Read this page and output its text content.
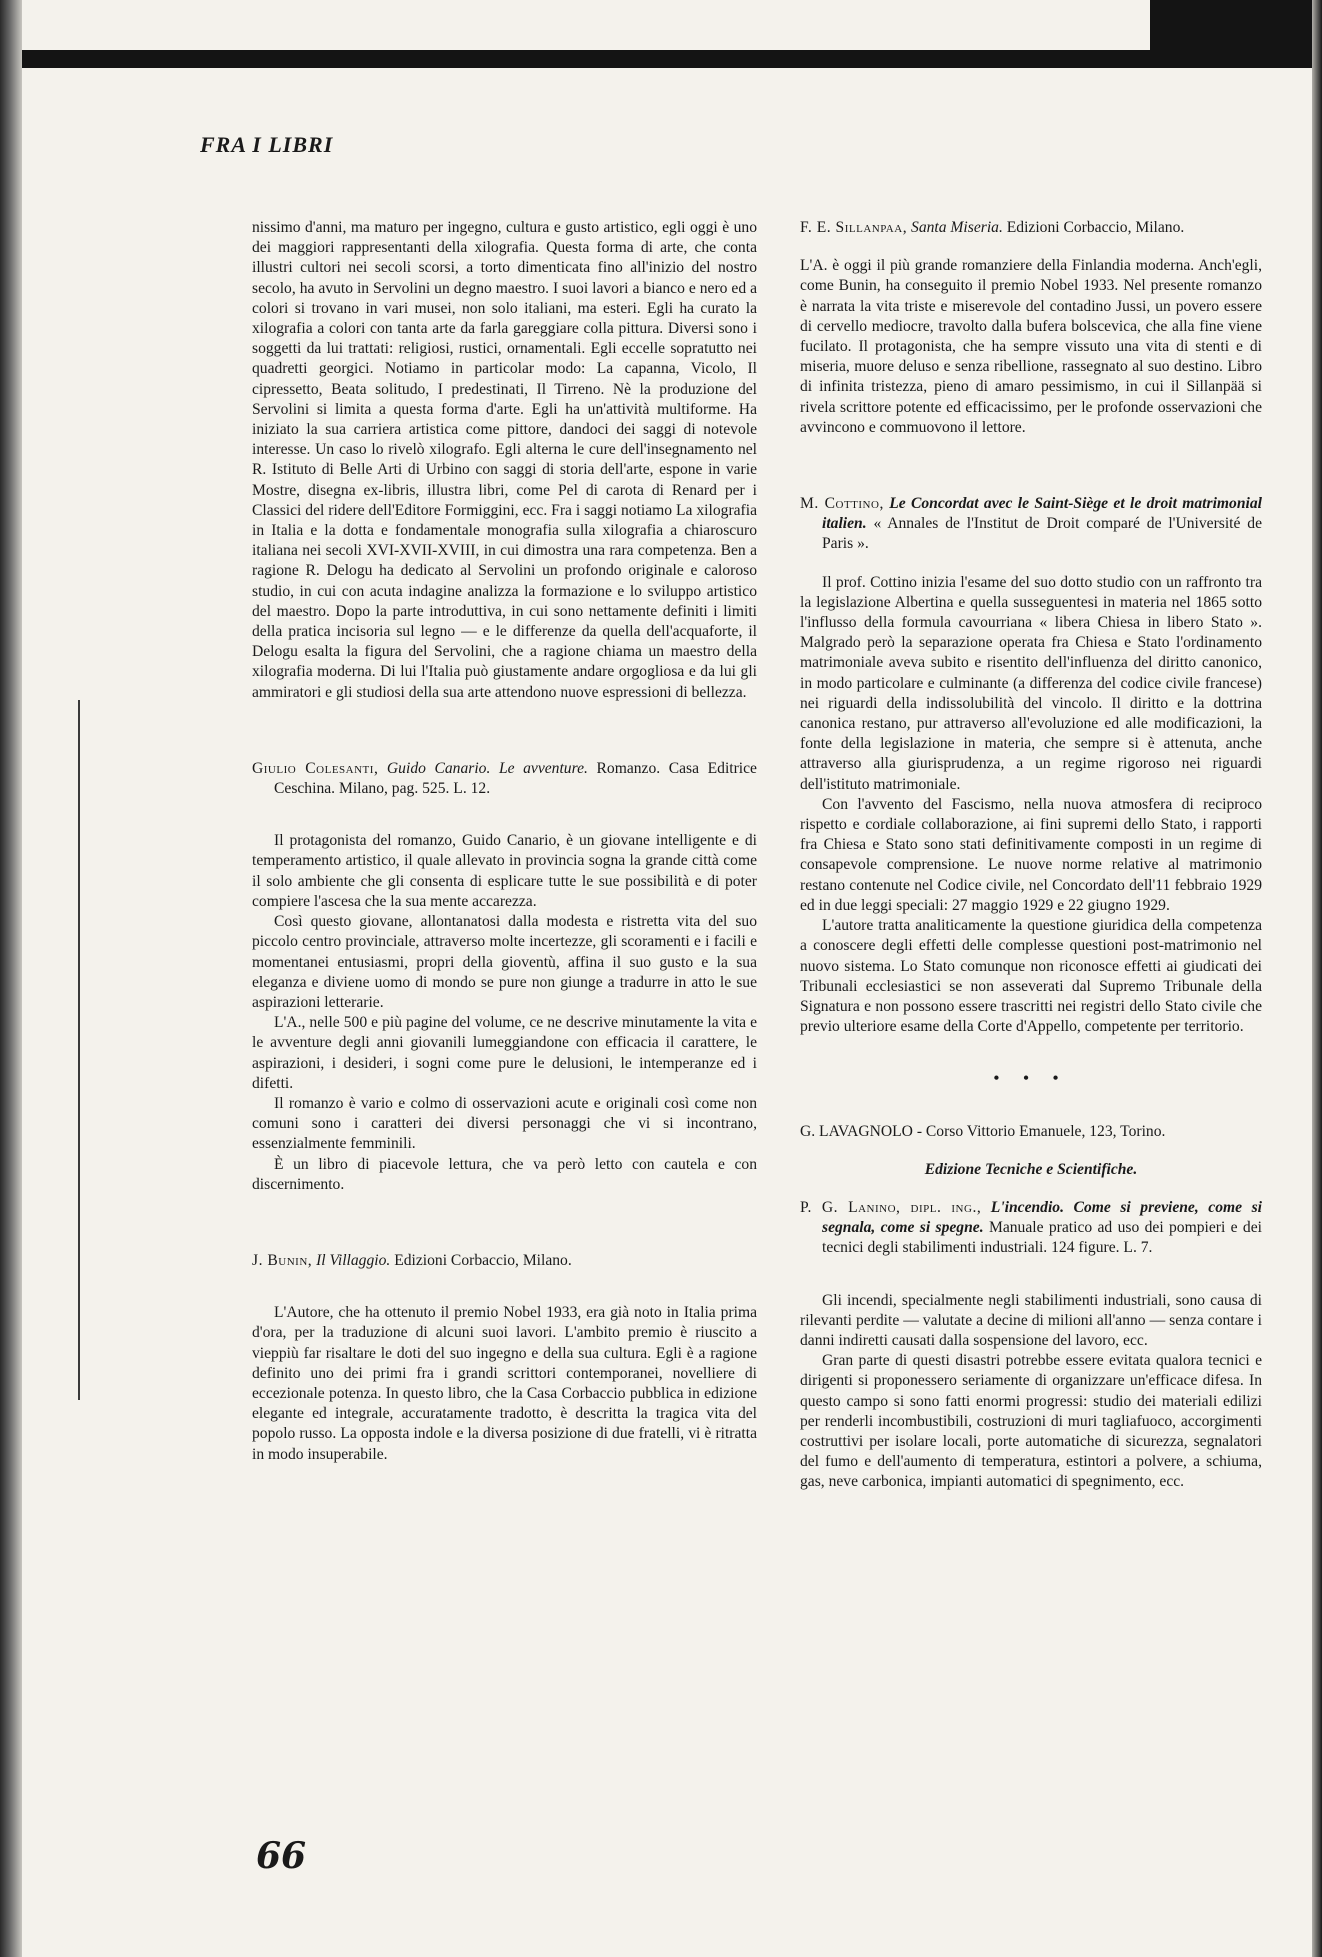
FRA I LIBRI

nissimo d'anni, ma maturo per ingegno, cultura e gusto artistico, egli oggi è uno dei maggiori rappresentanti della xilografia. Questa forma di arte, che conta illustri cultori nei secoli scorsi, a torto dimenticata fino all'inizio del nostro secolo, ha avuto in Servolini un degno maestro. I suoi lavori a bianco e nero ed a colori si trovano in vari musei, non solo italiani, ma esteri. Egli ha curato la xilografia a colori con tanta arte da farla gareggiare colla pittura. Diversi sono i soggetti da lui trattati: religiosi, rustici, ornamentali. Egli eccelle sopratutto nei quadretti georgici. Notiamo in particolar modo: La capanna, Vicolo, Il cipressetto, Beata solitudo, I predestinati, Il Tirreno. Nè la produzione del Servolini si limita a questa forma d'arte. Egli ha un'attività multiforme. Ha iniziato la sua carriera artistica come pittore, dandoci dei saggi di notevole interesse. Un caso lo rivelò xilografo. Egli alterna le cure dell'insegnamento nel R. Istituto di Belle Arti di Urbino con saggi di storia dell'arte, espone in varie Mostre, disegna ex-libris, illustra libri, come Pel di carota di Renard per i Classici del ridere dell'Editore Formiggini, ecc. Fra i saggi notiamo La xilografia in Italia e la dotta e fondamentale monografia sulla xilografia a chiaroscuro italiana nei secoli XVI-XVII-XVIII, in cui dimostra una rara competenza. Ben a ragione R. Delogu ha dedicato al Servolini un profondo originale e caloroso studio, in cui con acuta indagine analizza la formazione e lo sviluppo artistico del maestro. Dopo la parte introduttiva, in cui sono nettamente definiti i limiti della pratica incisoria sul legno — e le differenze da quella dell'acquaforte, il Delogu esalta la figura del Servolini, che a ragione chiama un maestro della xilografia moderna. Di lui l'Italia può giustamente andare orgogliosa e da lui gli ammiratori e gli studiosi della sua arte attendono nuove espressioni di bellezza.

Giulio Colesanti, Guido Canario. Le avventure. Romanzo. Casa Editrice Ceschina. Milano, pag. 525. L. 12.

Il protagonista del romanzo, Guido Canario, è un giovane intelligente e di temperamento artistico, il quale allevato in provincia sogna la grande città come il solo ambiente che gli consenta di esplicare tutte le sue possibilità e di poter compiere l'ascesa che la sua mente accarezza.

Così questo giovane, allontanatosi dalla modesta e ristretta vita del suo piccolo centro provinciale, attraverso molte incertezze, gli scoramenti e i facili e momentanei entusiasmi, propri della gioventù, affina il suo gusto e la sua eleganza e diviene uomo di mondo se pure non giunge a tradurre in atto le sue aspirazioni letterarie.

L'A., nelle 500 e più pagine del volume, ce ne descrive minutamente la vita e le avventure degli anni giovanili lumeggiandone con efficacia il carattere, le aspirazioni, i desideri, i sogni come pure le delusioni, le intemperanze ed i difetti.

Il romanzo è vario e colmo di osservazioni acute e originali così come non comuni sono i caratteri dei diversi personaggi che vi si incontrano, essenzialmente femminili.

È un libro di piacevole lettura, che va però letto con cautela e con discernimento.

J. Bunin, Il Villaggio. Edizioni Corbaccio, Milano.

L'Autore, che ha ottenuto il premio Nobel 1933, era già noto in Italia prima d'ora, per la traduzione di alcuni suoi lavori. L'ambito premio è riuscito a vieppiù far risaltare le doti del suo ingegno e della sua cultura. Egli è a ragione definito uno dei primi fra i grandi scrittori contemporanei, novelliere di eccezionale potenza. In questo libro, che la Casa Corbaccio pubblica in edizione elegante ed integrale, accuratamente tradotto, è descritta la tragica vita del popolo russo. La opposta indole e la diversa posizione di due fratelli, vi è ritratta in modo insuperabile.

F. E. Sillanpaa, Santa Miseria. Edizioni Corbaccio, Milano.

L'A. è oggi il più grande romanziere della Finlandia moderna. Anch'egli, come Bunin, ha conseguito il premio Nobel 1933. Nel presente romanzo è narrata la vita triste e miserevole del contadino Jussi, un povero essere di cervello mediocre, travolto dalla bufera bolscevica, che alla fine viene fucilato. Il protagonista, che ha sempre vissuto una vita di stenti e di miseria, muore deluso e senza ribellione, rassegnato al suo destino. Libro di infinita tristezza, pieno di amaro pessimismo, in cui il Sillanpää si rivela scrittore potente ed efficacissimo, per le profonde osservazioni che avvincono e commuovono il lettore.

M. Cottino, Le Concordat avec le Saint-Siège et le droit matrimonial italien. « Annales de l'Institut de Droit comparé de l'Université de Paris ».

Il prof. Cottino inizia l'esame del suo dotto studio con un raffronto tra la legislazione Albertina e quella susseguentesi in materia nel 1865 sotto l'influsso della formula cavourriana « libera Chiesa in libero Stato ». Malgrado però la separazione operata fra Chiesa e Stato l'ordinamento matrimoniale aveva subito e risentito dell'influenza del diritto canonico, in modo particolare e culminante (a differenza del codice civile francese) nei riguardi della indissolubilità del vincolo. Il diritto e la dottrina canonica restano, pur attraverso all'evoluzione ed alle modificazioni, la fonte della legislazione in materia, che sempre si è attenuta, anche attraverso alla giurisprudenza, a un regime rigoroso nei riguardi dell'istituto matrimoniale.

Con l'avvento del Fascismo, nella nuova atmosfera di reciproco rispetto e cordiale collaborazione, ai fini supremi dello Stato, i rapporti fra Chiesa e Stato sono stati definitivamente composti in un regime di consapevole comprensione. Le nuove norme relative al matrimonio restano contenute nel Codice civile, nel Concordato dell'11 febbraio 1929 ed in due leggi speciali: 27 maggio 1929 e 22 giugno 1929.

L'autore tratta analiticamente la questione giuridica della competenza a conoscere degli effetti delle complesse questioni post-matrimonio nel nuovo sistema. Lo Stato comunque non riconosce effetti ai giudicati dei Tribunali ecclesiastici se non asseverati dal Supremo Tribunale della Signatura e non possono essere trascritti nei registri dello Stato civile che previo ulteriore esame della Corte d'Appello, competente per territorio.

• • •

G. LAVAGNOLO - Corso Vittorio Emanuele, 123, Torino.

Edizione Tecniche e Scientifiche.

P. G. Lanino, dipl. ing., L'incendio. Come si previene, come si segnala, come si spegne. Manuale pratico ad uso dei pompieri e dei tecnici degli stabilimenti industriali. 124 figure. L. 7.

Gli incendi, specialmente negli stabilimenti industriali, sono causa di rilevanti perdite — valutate a decine di milioni all'anno — senza contare i danni indiretti causati dalla sospensione del lavoro, ecc.

Gran parte di questi disastri potrebbe essere evitata qualora tecnici e dirigenti si proponessero seriamente di organizzare un'efficace difesa. In questo campo si sono fatti enormi progressi: studio dei materiali edilizi per renderli incombustibili, costruzioni di muri tagliafuoco, accorgimenti costruttivi per isolare locali, porte automatiche di sicurezza, segnalatori del fumo e dell'aumento di temperatura, estintori a polvere, a schiuma, gas, neve carbonica, impianti automatici di spegnimento, ecc.

66
